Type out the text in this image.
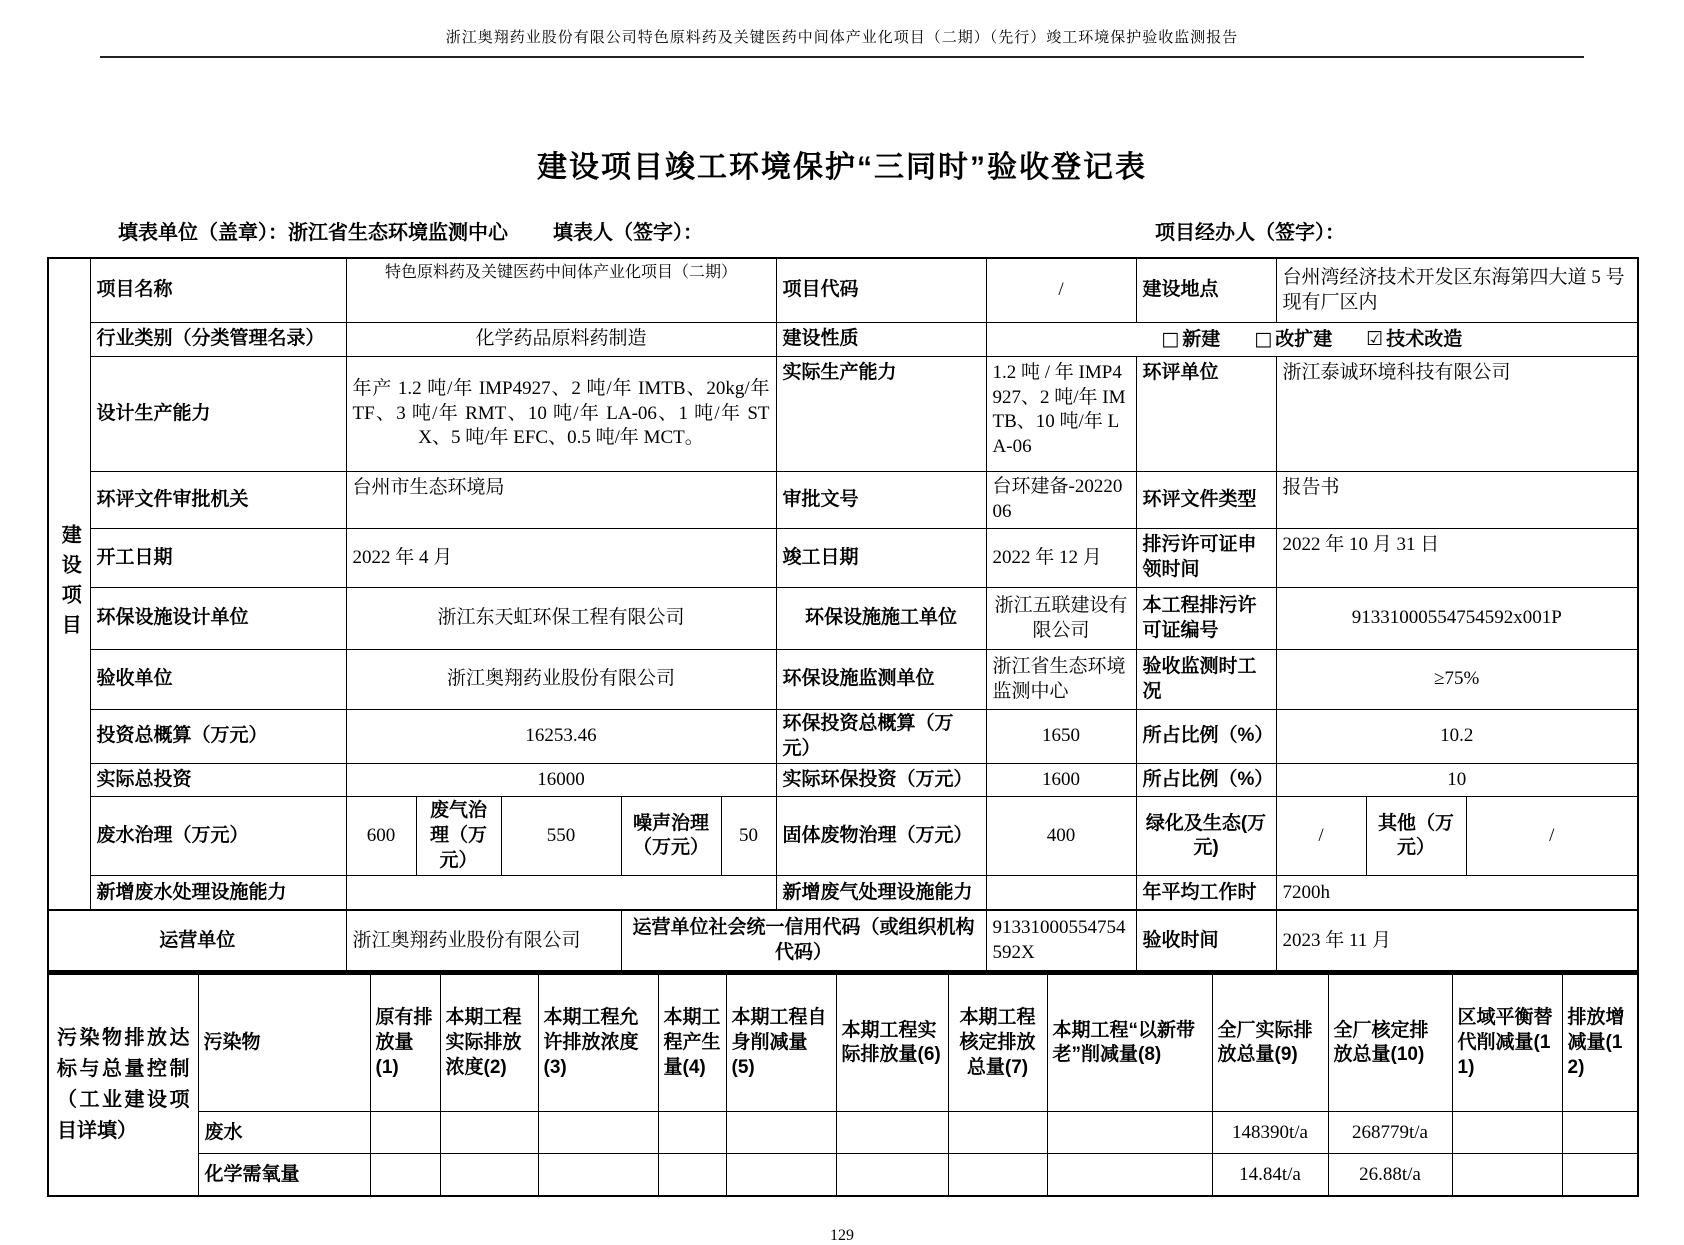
浙江奥翔药业股份有限公司特色原料药及关键医药中间体产业化项目（二期）（先行）竣工环境保护验收监测报告
建设项目竣工环境保护“三同时”验收登记表
填表单位（盖章）： 浙江省生态环境监测中心 填表人（签字）：	项目经办人（签字）：
建设项目	项目名称	特色原料药及关键医药中间体产业化项目（二期）					项目代码	/	建设地点	台州湾经济技术开发区东海第四大道 5 号现有厂区内		
	行业类别（分类管理名录）	化学药品原料药制造					建设性质	□ 新建 □ 改扩建 ☑ 技术改造				

	设计生产能力	年产 1.2 吨/年 IMP4927、2 吨/年 IMTB、20kg/年 TF、3 吨/年 RMT、10 吨/年 LA-06、1 吨/年 STX、5 吨/年 EFC、0.5 吨/年 MCT。					实际生产能力	1.2 吨 / 年 IMP4927、2 吨/年 IMTB、10 吨/年 LA-06	环评单位	浙江泰诚环境科技有限公司		
	环评文件审批机关	台州市生态环境局					审批文号	台环建备-2022006	环评文件类型	报告书		
	开工日期	2022 年 4 月					竣工日期	2022 年 12 月	排污许可证申领时间	2022 年 10 月 31 日		
	环保设施设计单位	浙江东天虹环保工程有限公司					环保设施施工单位	浙江五联建设有限公司	本工程排污许可证编号	91331000554754592x001P		
	验收单位	浙江奥翔药业股份有限公司					环保设施监测单位	浙江省生态环境监测中心	验收监测时工况	≥75%		
	投资总概算（万元）	16253.46					环保投资总概算（万元）	1650	所占比例（%）	10.2		
	实际总投资	16000					实际环保投资（万元）	1600	所占比例（%）	10		
	废水治理（万元）	600	废气治理（万元）	550	噪声治理（万元）	50	固体废物治理（万元）	400	绿化及生态(万元)	/	其他（万元）	/
	新增废水处理设施能力						新增废气处理设施能力		年平均工作时	7200h		
运营单位		浙江奥翔药业股份有限公司			运营单位社会统一信用代码（或组织机构代码）			91331000554754592X	验收时间	2023 年 11 月		
污染物排放达标与总量控制（工业建设项目详填）	污染物	原有排放量(1)	本期工程实际排放浓度(2)	本期工程允许排放浓度(3)	本期工程产生量(4)	本期工程自身削减量(5)	本期工程实际排放量(6)	本期工程核定排放总量(7)	本期工程“以新带老”削减量(8)	全厂实际排放总量(9)	全厂核定排放总量(10)	区域平衡替代削减量(11)	排放增减量(12)
	废水									148390t/a	268779t/a		
	化学需氧量									14.84t/a	26.88t/a		
129
